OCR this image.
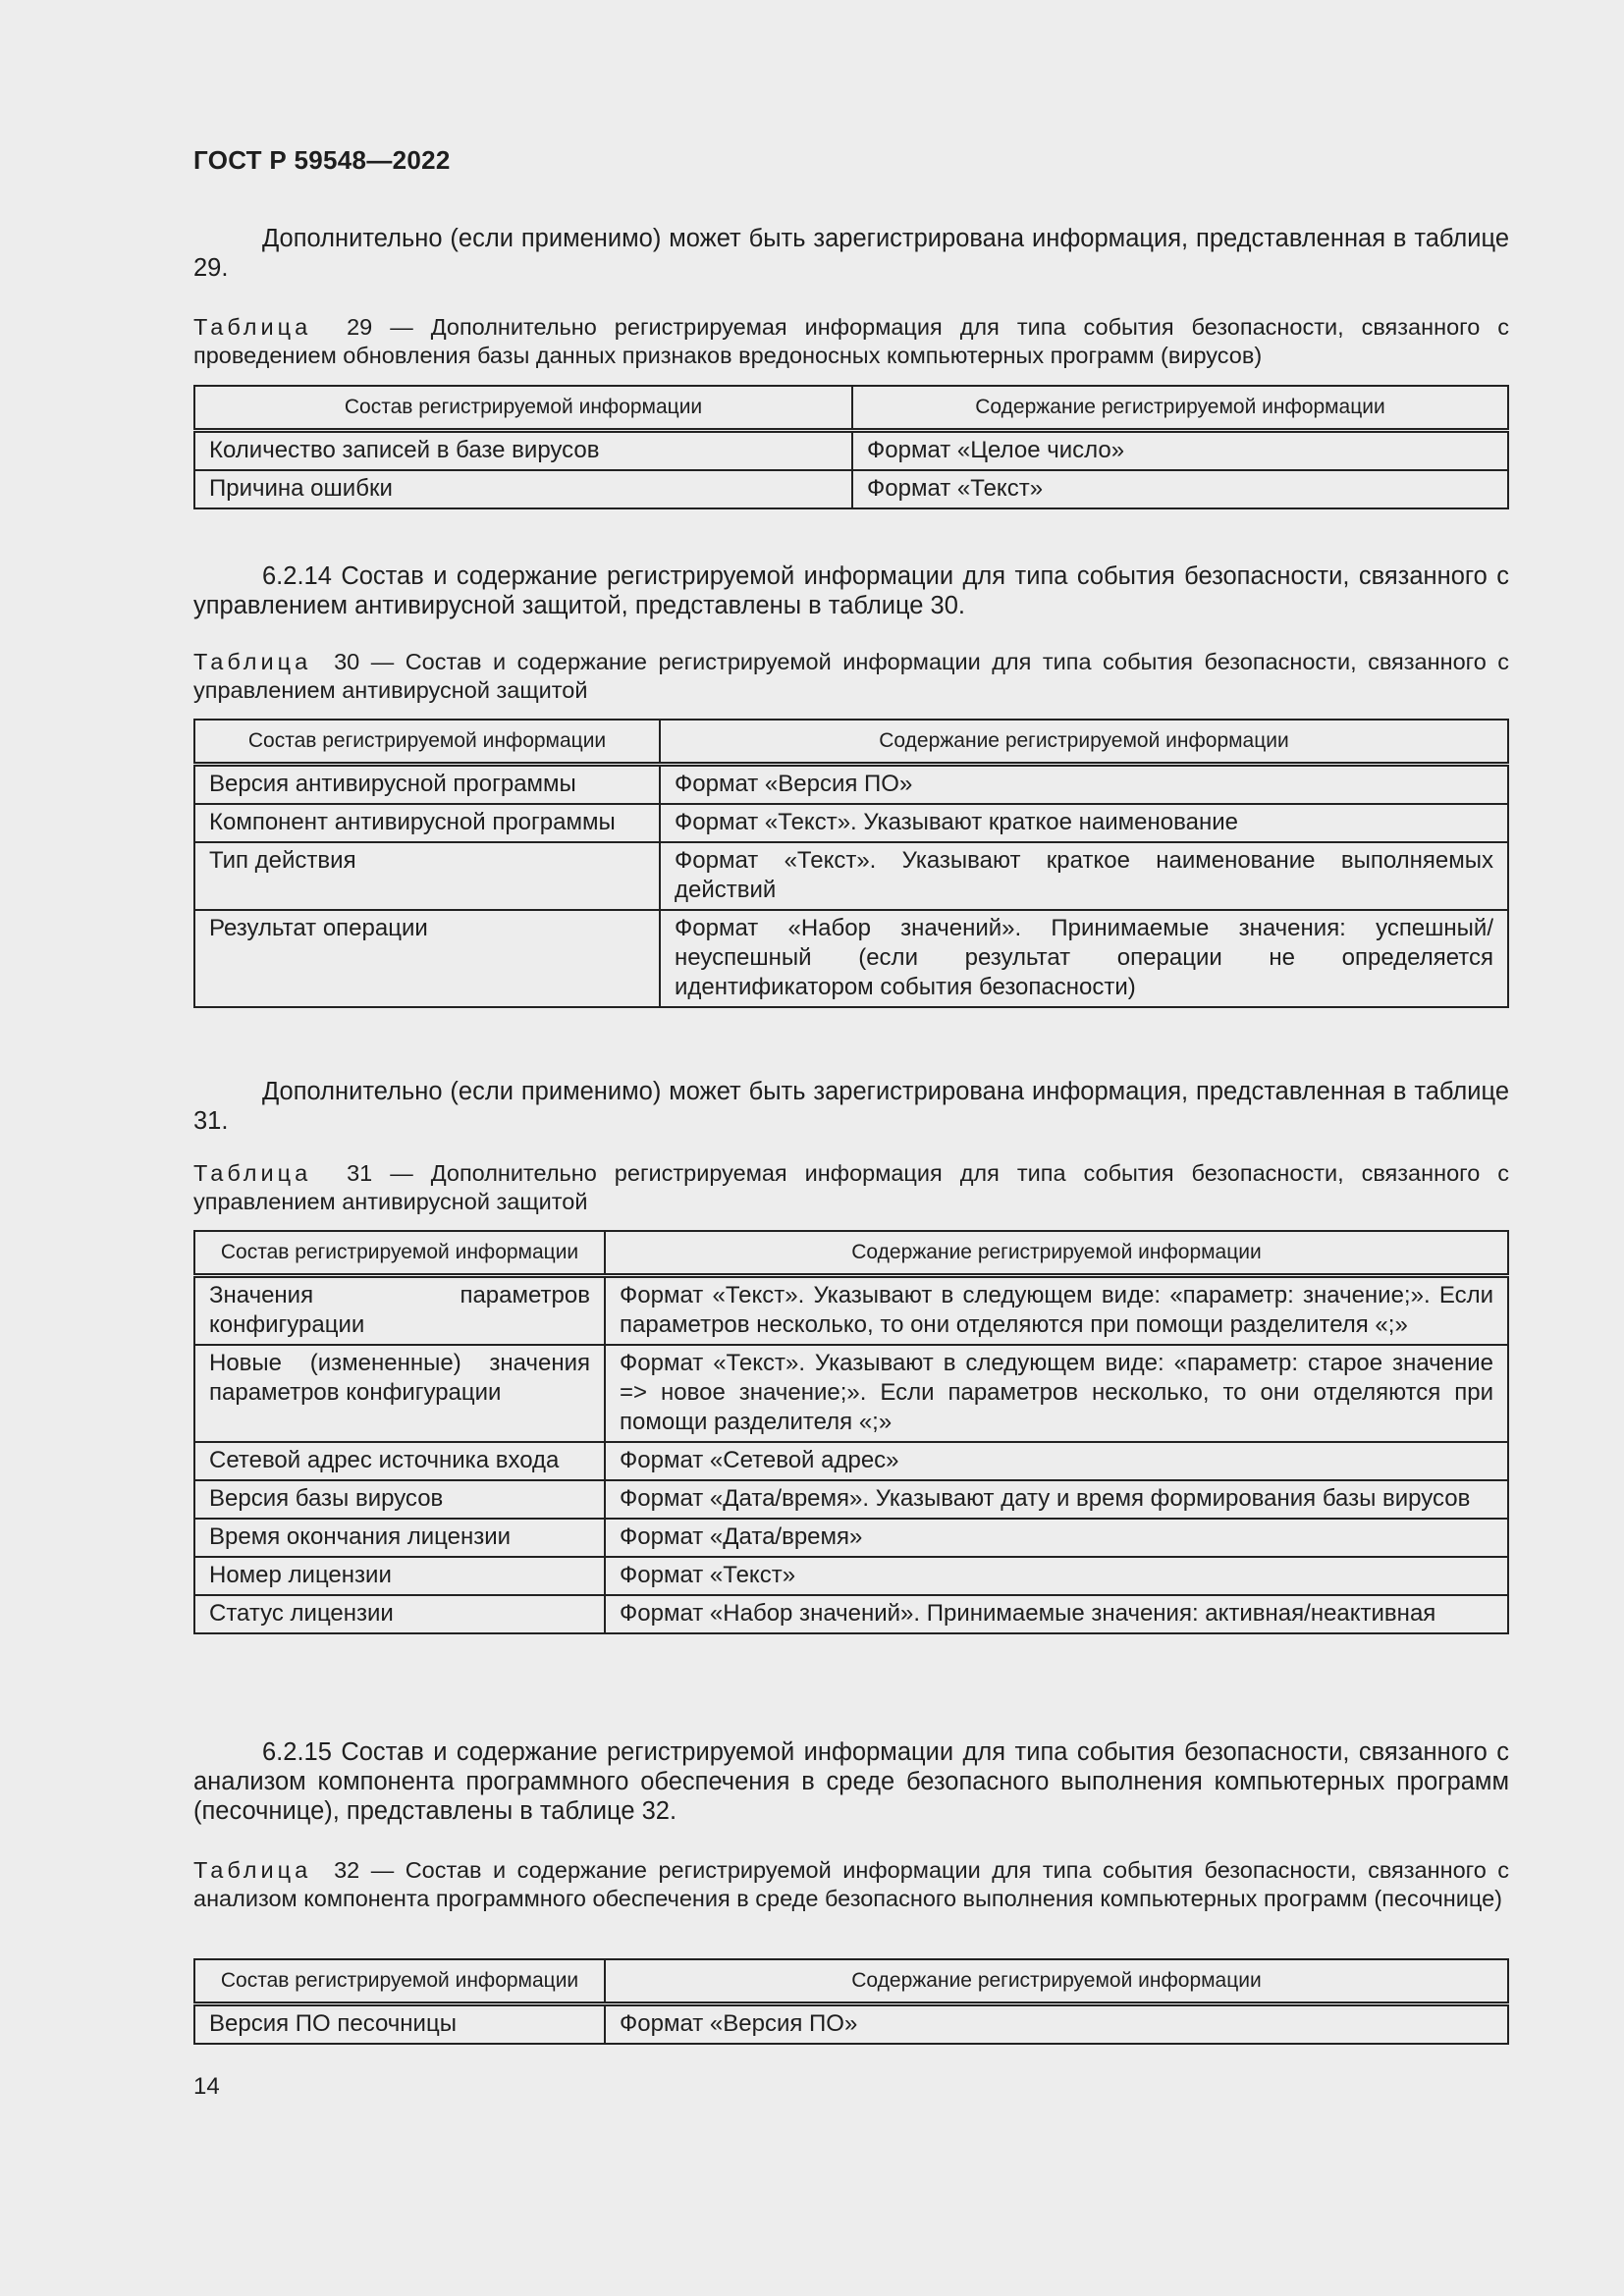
ГОСТ Р 59548—2022
Дополнительно (если применимо) может быть зарегистрирована информация, представленная в таблице 29.
Таблица 29 — Дополнительно регистрируемая информация для типа события безопасности, связанного с проведением обновления базы данных признаков вредоносных компьютерных программ (вирусов)
Состав регистрируемой информации	Содержание регистрируемой информации
Количество записей в базе вирусов	Формат «Целое число»
Причина ошибки	Формат «Текст»
6.2.14 Состав и содержание регистрируемой информации для типа события безопасности, связанного с управлением антивирусной защитой, представлены в таблице 30.
Таблица 30 — Состав и содержание регистрируемой информации для типа события безопасности, связанного с управлением антивирусной защитой
Состав регистрируемой информации	Содержание регистрируемой информации
Версия антивирусной программы	Формат «Версия ПО»
Компонент антивирусной программы	Формат «Текст». Указывают краткое наименование
Тип действия	Формат «Текст». Указывают краткое наименование выполняемых действий
Результат операции	Формат «Набор значений». Принимаемые значения: успешный/неуспешный (если результат операции не определяется идентификатором события безопасности)
Дополнительно (если применимо) может быть зарегистрирована информация, представленная в таблице 31.
Таблица 31 — Дополнительно регистрируемая информация для типа события безопасности, связанного с управлением антивирусной защитой
Состав регистрируемой информации	Содержание регистрируемой информации
Значения параметров конфигурации	Формат «Текст». Указывают в следующем виде: «параметр: значение;». Если параметров несколько, то они отделяются при помощи разделителя «;»
Новые (измененные) значения параметров конфигурации	Формат «Текст». Указывают в следующем виде: «параметр: старое значение => новое значение;». Если параметров несколько, то они отделяются при помощи разделителя «;»
Сетевой адрес источника входа	Формат «Сетевой адрес»
Версия базы вирусов	Формат «Дата/время». Указывают дату и время формирования базы вирусов
Время окончания лицензии	Формат «Дата/время»
Номер лицензии	Формат «Текст»
Статус лицензии	Формат «Набор значений». Принимаемые значения: активная/неактивная
6.2.15 Состав и содержание регистрируемой информации для типа события безопасности, связанного с анализом компонента программного обеспечения в среде безопасного выполнения компьютерных программ (песочнице), представлены в таблице 32.
Таблица 32 — Состав и содержание регистрируемой информации для типа события безопасности, связанного с анализом компонента программного обеспечения в среде безопасного выполнения компьютерных программ (песочнице)
Состав регистрируемой информации	Содержание регистрируемой информации
Версия ПО песочницы	Формат «Версия ПО»
14
